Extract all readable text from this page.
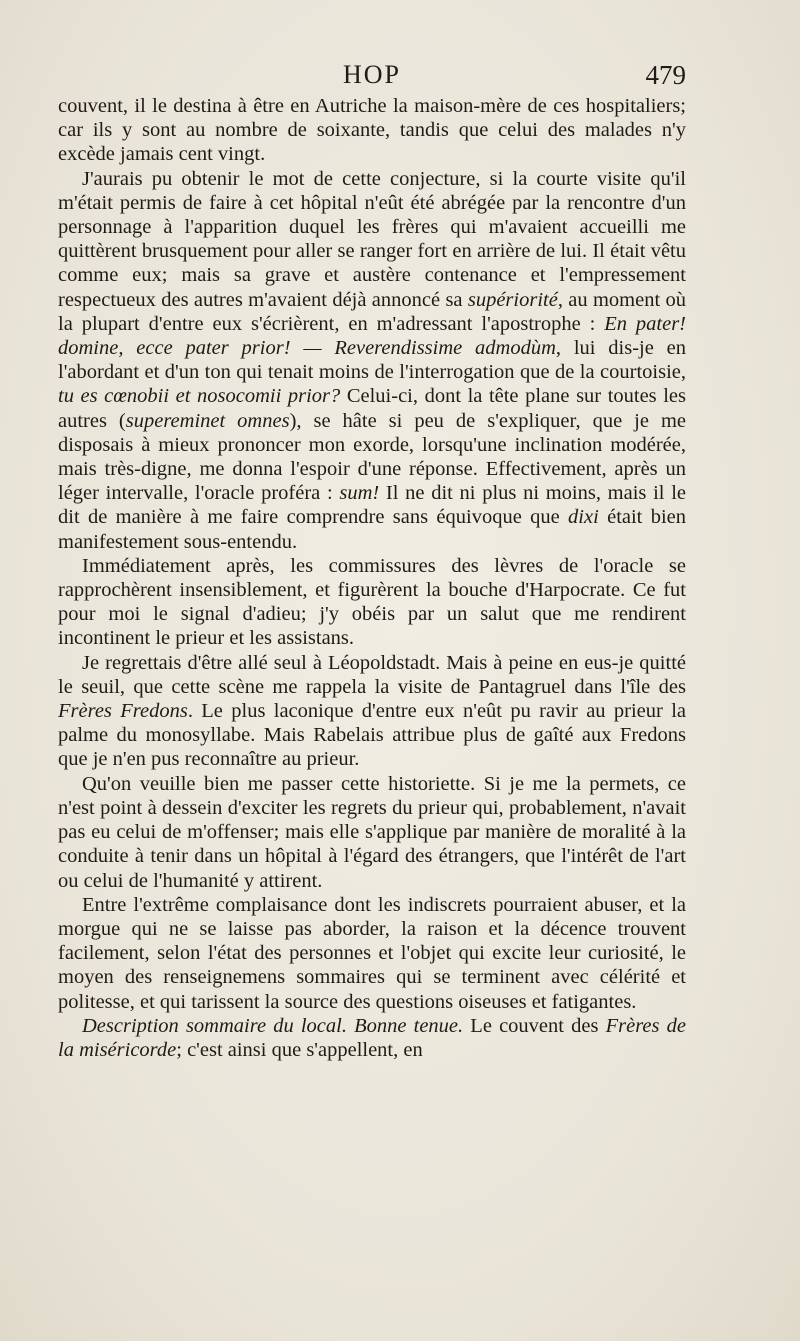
HOP	479

couvent, il le destina à être en Autriche la maison-mère de ces hospitaliers; car ils y sont au nombre de soixante, tandis que celui des malades n'y excède jamais cent vingt.

J'aurais pu obtenir le mot de cette conjecture, si la courte visite qu'il m'était permis de faire à cet hôpital n'eût été abrégée par la rencontre d'un personnage à l'apparition duquel les frères qui m'avaient accueilli me quittèrent brusquement pour aller se ranger fort en arrière de lui. Il était vêtu comme eux; mais sa grave et austère contenance et l'empressement respectueux des autres m'avaient déjà annoncé sa supériorité, au moment où la plupart d'entre eux s'écrièrent, en m'adressant l'apostrophe : En pater! domine, ecce pater prior! — Reverendissime admodùm, lui dis-je en l'abordant et d'un ton qui tenait moins de l'interrogation que de la courtoisie, tu es cœnobii et nosocomii prior? Celui-ci, dont la tête plane sur toutes les autres (supereminet omnes), se hâte si peu de s'expliquer, que je me disposais à mieux prononcer mon exorde, lorsqu'une inclination modérée, mais très-digne, me donna l'espoir d'une réponse. Effectivement, après un léger intervalle, l'oracle proféra : sum! Il ne dit ni plus ni moins, mais il le dit de manière à me faire comprendre sans équivoque que dixi était bien manifestement sous-entendu.

Immédiatement après, les commissures des lèvres de l'oracle se rapprochèrent insensiblement, et figurèrent la bouche d'Harpocrate. Ce fut pour moi le signal d'adieu; j'y obéis par un salut que me rendirent incontinent le prieur et les assistans.

Je regrettais d'être allé seul à Léopoldstadt. Mais à peine en eus-je quitté le seuil, que cette scène me rappela la visite de Pantagruel dans l'île des Frères Fredons. Le plus laconique d'entre eux n'eût pu ravir au prieur la palme du monosyllabe. Mais Rabelais attribue plus de gaîté aux Fredons que je n'en pus reconnaître au prieur.

Qu'on veuille bien me passer cette historiette. Si je me la permets, ce n'est point à dessein d'exciter les regrets du prieur qui, probablement, n'avait pas eu celui de m'offenser; mais elle s'applique par manière de moralité à la conduite à tenir dans un hôpital à l'égard des étrangers, que l'intérêt de l'art ou celui de l'humanité y attirent.

Entre l'extrême complaisance dont les indiscrets pourraient abuser, et la morgue qui ne se laisse pas aborder, la raison et la décence trouvent facilement, selon l'état des personnes et l'objet qui excite leur curiosité, le moyen des renseignemens sommaires qui se terminent avec célérité et politesse, et qui tarissent la source des questions oiseuses et fatigantes.

Description sommaire du local. Bonne tenue. Le couvent des Frères de la miséricorde; c'est ainsi que s'appellent, en
